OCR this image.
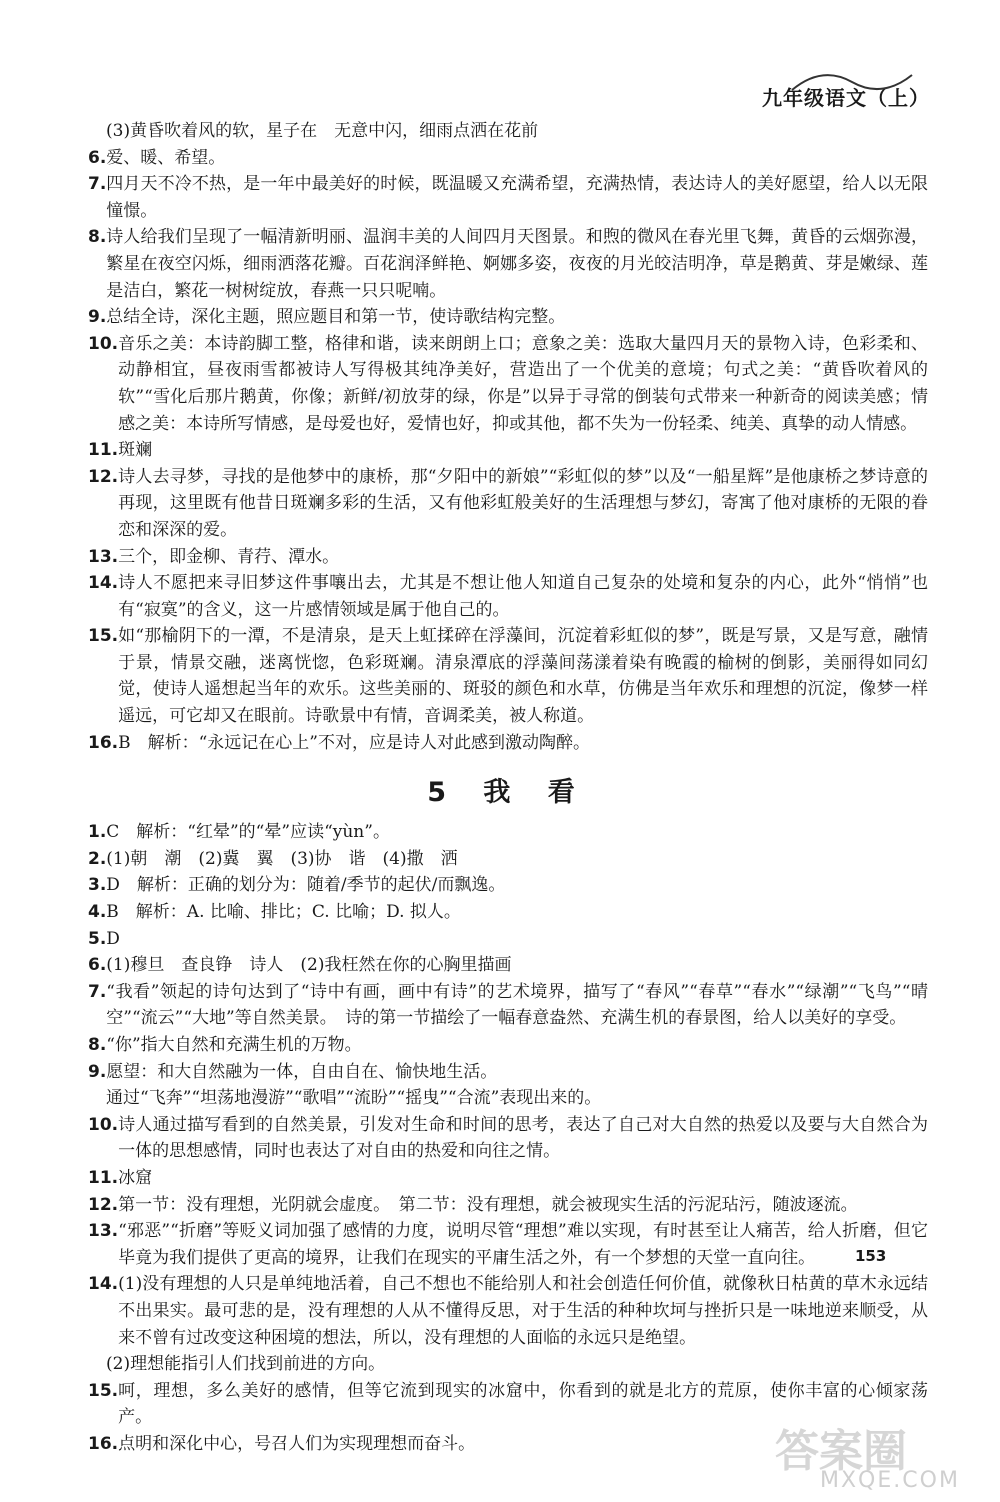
九年级语文（上）
(3)黄昏吹着风的软，星子在　无意中闪，细雨点洒在花前
6. 爱、暖、希望。
7. 四月天不冷不热，是一年中最美好的时候，既温暖又充满希望，充满热情，表达诗人的美好愿望，给人以无限憧憬。
8. 诗人给我们呈现了一幅清新明丽、温润丰美的人间四月天图景。和煦的微风在春光里飞舞，黄昏的云烟弥漫，繁星在夜空闪烁，细雨洒落花瓣。百花润泽鲜艳、婀娜多姿，夜夜的月光皎洁明净，草是鹅黄、芽是嫩绿、莲是洁白，繁花一树树绽放，春燕一只只呢喃。
9. 总结全诗，深化主题，照应题目和第一节，使诗歌结构完整。
10. 音乐之美：本诗韵脚工整，格律和谐，读来朗朗上口；意象之美：选取大量四月天的景物入诗，色彩柔和、动静相宜，昼夜雨雪都被诗人写得极其纯净美好，营造出了一个优美的意境；句式之美：“黄昏吹着风的软”“雪化后那片鹅黄，你像；新鲜/初放芽的绿，你是”以异于寻常的倒装句式带来一种新奇的阅读美感；情感之美：本诗所写情感，是母爱也好，爱情也好，抑或其他，都不失为一份轻柔、纯美、真挚的动人情感。
11. 斑斓
12. 诗人去寻梦，寻找的是他梦中的康桥，那“夕阳中的新娘”“彩虹似的梦”以及“一船星辉”是他康桥之梦诗意的再现，这里既有他昔日斑斓多彩的生活，又有他彩虹般美好的生活理想与梦幻，寄寓了他对康桥的无限的眷恋和深深的爱。
13. 三个，即金柳、青荇、潭水。
14. 诗人不愿把来寻旧梦这件事嚷出去，尤其是不想让他人知道自己复杂的处境和复杂的内心，此外“悄悄”也有“寂寞”的含义，这一片感情领域是属于他自己的。
15. 如“那榆阴下的一潭，不是清泉，是天上虹揉碎在浮藻间，沉淀着彩虹似的梦”，既是写景，又是写意，融情于景，情景交融，迷离恍惚，色彩斑斓。清泉潭底的浮藻间荡漾着染有晚霞的榆树的倒影，美丽得如同幻觉，使诗人遥想起当年的欢乐。这些美丽的、斑驳的颜色和水草，仿佛是当年欢乐和理想的沉淀，像梦一样遥远，可它却又在眼前。诗歌景中有情，音调柔美，被人称道。
16. B　解析：“永远记在心上”不对，应是诗人对此感到激动陶醉。
5 我 看
1. C　解析：“红晕”的“晕”应读“yùn”。
2. (1)朝　潮　(2)冀　翼　(3)协　谐　(4)撒　洒
3. D　解析：正确的划分为：随着/季节的起伏/而飘逸。
4. B　解析：A. 比喻、排比；C. 比喻；D. 拟人。
5. D
6. (1)穆旦　查良铮　诗人　(2)我枉然在你的心胸里描画
7. “我看”领起的诗句达到了“诗中有画，画中有诗”的艺术境界，描写了“春风”“春草”“春水”“绿潮”“飞鸟”“晴空”“流云”“大地”等自然美景。　诗的第一节描绘了一幅春意盎然、充满生机的春景图，给人以美好的享受。
8. “你”指大自然和充满生机的万物。
9. 愿望：和大自然融为一体，自由自在、愉快地生活。
通过“飞奔”“坦荡地漫游”“歌唱”“流盼”“摇曳”“合流”表现出来的。
10. 诗人通过描写看到的自然美景，引发对生命和时间的思考，表达了自己对大自然的热爱以及要与大自然合为一体的思想感情，同时也表达了对自由的热爱和向往之情。
11. 冰窟
12. 第一节：没有理想，光阴就会虚度。　第二节：没有理想，就会被现实生活的污泥玷污，随波逐流。
13. “邪恶”“折磨”等贬义词加强了感情的力度，说明尽管“理想”难以实现，有时甚至让人痛苦，给人折磨，但它毕竟为我们提供了更高的境界，让我们在现实的平庸生活之外，有一个梦想的天堂一直向往。
14. (1)没有理想的人只是单纯地活着，自己不想也不能给别人和社会创造任何价值，就像秋日枯黄的草木永远结不出果实。最可悲的是，没有理想的人从不懂得反思，对于生活的种种坎坷与挫折只是一味地逆来顺受，从来不曾有过改变这种困境的想法，所以，没有理想的人面临的永远只是绝望。
(2)理想能指引人们找到前进的方向。
15. 呵，理想，多么美好的感情，但等它流到现实的冰窟中，你看到的就是北方的荒原，使你丰富的心倾家荡产。
16. 点明和深化中心，号召人们为实现理想而奋斗。
153
答案圈
MXQE.COM
